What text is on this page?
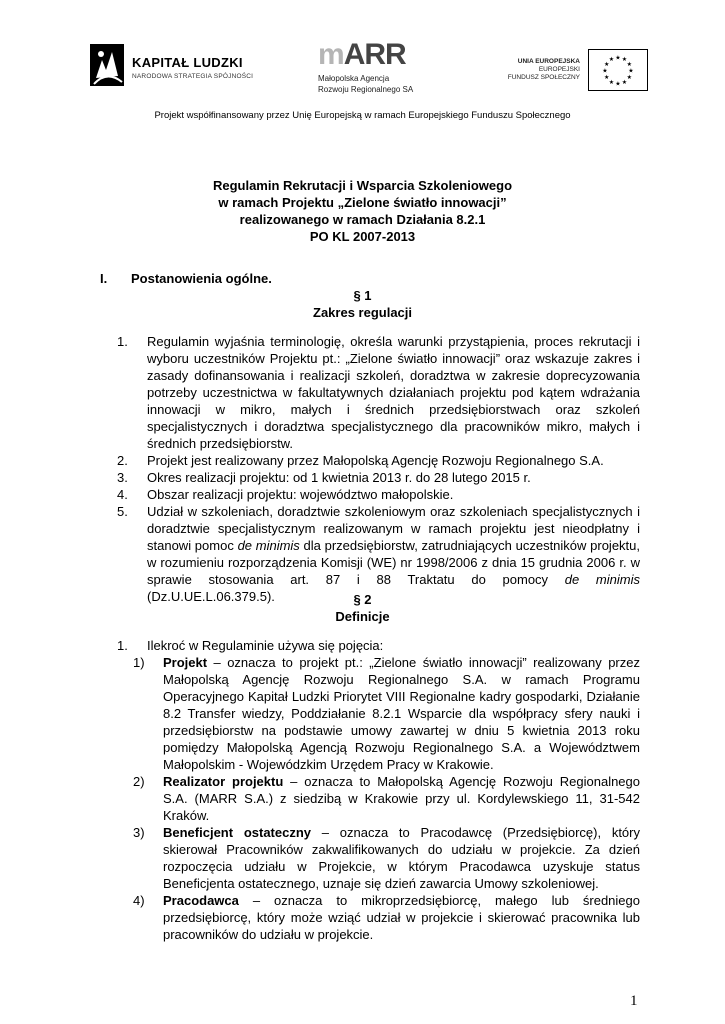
KAPITAŁ LUDZKI
NARODOWA STRATEGIA SPÓJNOŚCI
mARR
Małopolska Agencja
Rozwoju Regionalnego SA
UNIA EUROPEJSKA
EUROPEJSKI
FUNDUSZ SPOŁECZNY
★ ★
★
★
★
★
★
★
★
★
★
★
Projekt współfinansowany przez Unię Europejską w ramach Europejskiego Funduszu Społecznego
Regulamin Rekrutacji i Wsparcia Szkoleniowego
w ramach Projektu „Zielone światło innowacji”
realizowanego w ramach Działania 8.2.1
PO KL 2007-2013
I. Postanowienia ogólne.
§ 1
Zakres regulacji
1. Regulamin wyjaśnia terminologię, określa warunki przystąpienia, proces rekrutacji i wyboru uczestników Projektu pt.: „Zielone światło innowacji” oraz wskazuje zakres i zasady dofinansowania i realizacji szkoleń, doradztwa w zakresie doprecyzowania potrzeby uczestnictwa w fakultatywnych działaniach projektu pod kątem wdrażania innowacji w mikro, małych i średnich przedsiębiorstwach oraz szkoleń specjalistycznych i doradztwa specjalistycznego dla pracowników mikro, małych i średnich przedsiębiorstw.
2. Projekt jest realizowany przez Małopolską Agencję Rozwoju Regionalnego S.A.
3. Okres realizacji projektu: od 1 kwietnia 2013 r. do 28 lutego 2015 r.
4. Obszar realizacji projektu: województwo małopolskie.
5. Udział w szkoleniach, doradztwie szkoleniowym oraz szkoleniach specjalistycznych i doradztwie specjalistycznym realizowanym w ramach projektu jest nieodpłatny i stanowi pomoc de minimis dla przedsiębiorstw, zatrudniających uczestników projektu, w rozumieniu rozporządzenia Komisji (WE) nr 1998/2006 z dnia 15 grudnia 2006 r. w sprawie stosowania art. 87 i 88 Traktatu do pomocy de minimis (Dz.U.UE.L.06.379.5).	§ 2
Definicje
1. Ilekroć w Regulaminie używa się pojęcia:
1) Projekt – oznacza to projekt pt.: „Zielone światło innowacji” realizowany przez Małopolską Agencję Rozwoju Regionalnego S.A. w ramach Programu Operacyjnego Kapitał Ludzki Priorytet VIII Regionalne kadry gospodarki, Działanie 8.2 Transfer wiedzy, Poddziałanie 8.2.1 Wsparcie dla współpracy sfery nauki i przedsiębiorstw na podstawie umowy zawartej w dniu 5 kwietnia 2013 roku pomiędzy Małopolską Agencją Rozwoju Regionalnego S.A. a Województwem Małopolskim - Wojewódzkim Urzędem Pracy w Krakowie.
2) Realizator projektu – oznacza to Małopolską Agencję Rozwoju Regionalnego S.A. (MARR S.A.) z siedzibą w Krakowie przy ul. Kordylewskiego 11, 31-542 Kraków.
3) Beneficjent ostateczny – oznacza to Pracodawcę (Przedsiębiorcę), który skierował Pracowników zakwalifikowanych do udziału w projekcie. Za dzień rozpoczęcia udziału w Projekcie, w którym Pracodawca uzyskuje status Beneficjenta ostatecznego, uznaje się dzień zawarcia Umowy szkoleniowej.
4) Pracodawca – oznacza to mikroprzedsiębiorcę, małego lub średniego przedsiębiorcę, który może wziąć udział w projekcie i skierować pracownika lub pracowników do udziału w projekcie.
1
